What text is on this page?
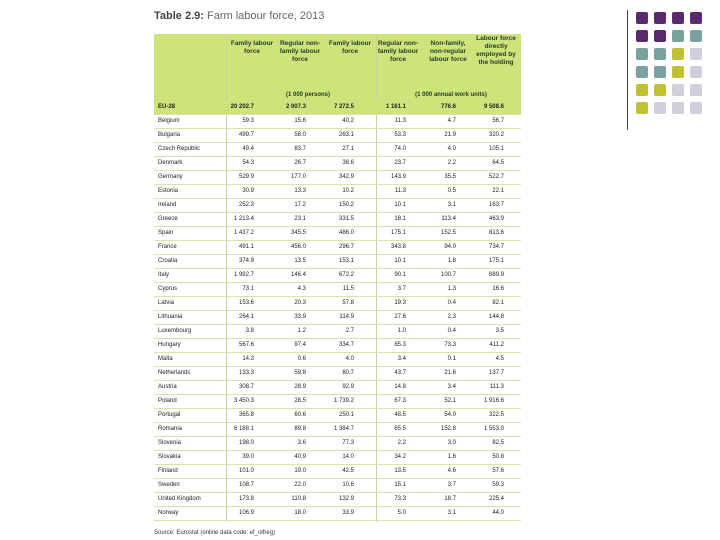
Table 2.9: Farm labour force, 2013
Family labour force
Regular non-family labour force
Family labour force
Regular non-family labour force
Non-family, non-regular labour force
Labour force directly employed by the holding
(1 000 persons)	(1 000 annual work units)
EU-28	20 202.7	2 007.3	7 272.5	1 161.1	776.6	9 508.6
Belgium	59.3	15.6	40.2	11.3	4.7	56.7
Bulgaria	499.7	58.0	263.1	53.3	21.9	320.2
Czech Republic	49.4	83.7	27.1	74.0	4.0	105.1
Denmark	54.3	26.7	38.6	23.7	2.2	64.5
Germany	529.9	177.0	342.9	143.9	35.5	522.7
Estonia	30.9	13.3	10.2	11.3	0.5	22.1
Ireland	252.3	17.2	150.2	10.1	3.1	163.7
Greece	1 213.4	23.1	331.5	18.1	113.4	463.9
Spain	1 437.2	345.5	486.0	175.1	152.5	813.6
France	491.1	456.0	296.7	343.8	94.0	734.7
Croatia	374.9	13.5	153.1	10.1	1.8	175.1
Italy	1 992.7	146.4	672.2	90.1	100.7	889.9
Cyprus	73.1	4.3	11.5	3.7	1.3	16.6
Latvia	153.6	20.3	57.8	19.3	0.4	82.1
Lithuania	264.1	33.9	114.9	27.6	2.3	144.8
Luxembourg	3.8	1.2	2.7	1.0	0.4	3.5
Hungary	567.6	97.4	334.7	85.3	73.3	411.2
Malta	14.3	0.6	4.0	3.4	0.1	4.5
Netherlands	133.3	59.8	80.7	43.7	21.6	137.7
Austria	308.7	28.9	92.9	14.8	3.4	111.3
Poland	3 450.3	28.5	1 739.2	67.3	52.1	1 916.6
Portugal	365.8	60.6	250.1	48.5	54.0	322.5
Romania	6 188.1	89.8	1 384.7	65.5	152.8	1 553.0
Slovenia	198.0	3.6	77.3	2.2	3.0	82.5
Slovakia	39.0	40.9	14.0	34.2	1.6	50.8
Finland	101.0	19.0	42.5	13.5	4.6	57.6
Sweden	108.7	22.0	10.6	15.1	3.7	59.3
United Kingdom	173.8	110.8	132.9	73.3	18.7	225.4
Norway	106.9	18.0	33.9	5.0	3.1	44.0
Source: Eurostat (online data code: ef_olfreg)
